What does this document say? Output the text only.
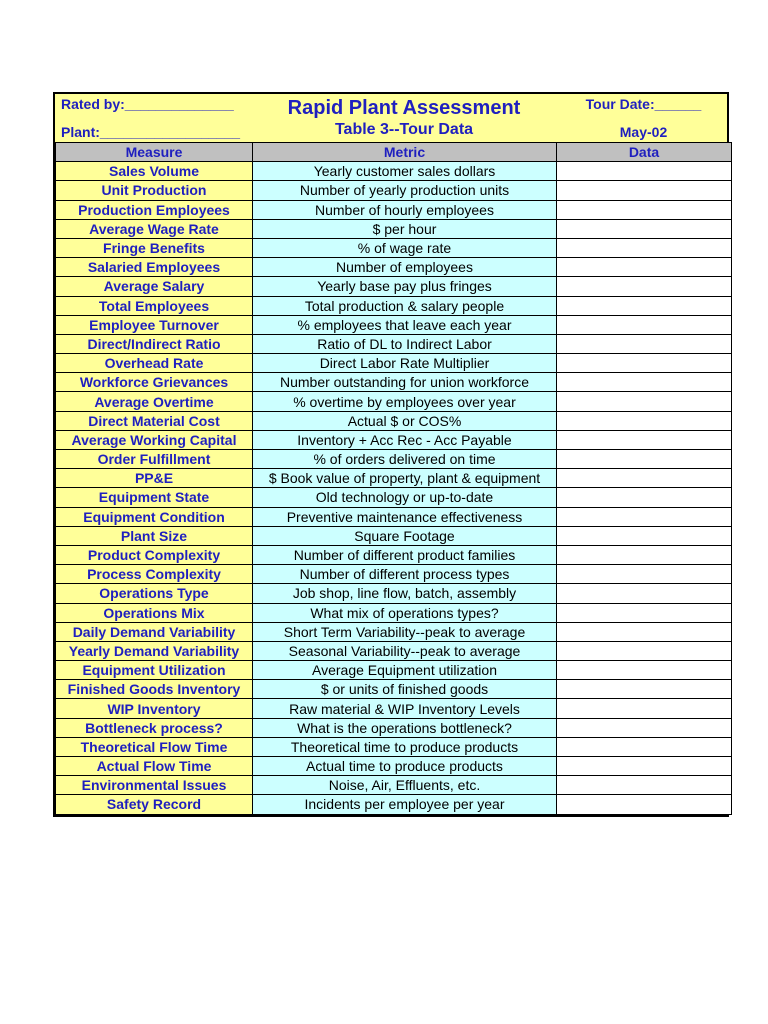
Rated by:______________
Plant:__________________
Rapid Plant Assessment
Table 3--Tour Data
Tour Date:______
May-02
Measure	Metric	Data
Sales Volume	Yearly customer sales dollars	
Unit Production	Number of yearly production units	
Production Employees	Number of hourly employees	
Average Wage Rate	$ per hour	
Fringe Benefits	% of wage rate	
Salaried Employees	Number of employees	
Average Salary	Yearly base pay plus fringes	
Total Employees	Total production & salary people	
Employee Turnover	% employees that leave each year	
Direct/Indirect Ratio	Ratio of DL to Indirect Labor	
Overhead Rate	Direct Labor Rate Multiplier	
Workforce Grievances	Number outstanding for union workforce	
Average Overtime	% overtime by employees over year	
Direct Material Cost	Actual $ or COS%	
Average Working Capital	Inventory + Acc Rec - Acc Payable	
Order Fulfillment	% of orders delivered on time	
PP&E	$ Book value of property, plant & equipment	
Equipment State	Old technology or up-to-date	
Equipment Condition	Preventive maintenance effectiveness	
Plant Size	Square Footage	
Product Complexity	Number of different product families	
Process Complexity	Number of different process types	
Operations Type	Job shop, line flow, batch, assembly	
Operations Mix	What mix of operations types?	
Daily Demand Variability	Short Term Variability--peak to average	
Yearly Demand Variability	Seasonal Variability--peak to average	
Equipment Utilization	Average Equipment utilization	
Finished Goods Inventory	$ or units of finished goods	
WIP Inventory	Raw material & WIP Inventory Levels	
Bottleneck process?	What is the operations bottleneck?	
Theoretical Flow Time	Theoretical time to produce products	
Actual Flow Time	Actual time to produce products	
Environmental Issues	Noise, Air, Effluents, etc.	
Safety Record	Incidents per employee per year	
